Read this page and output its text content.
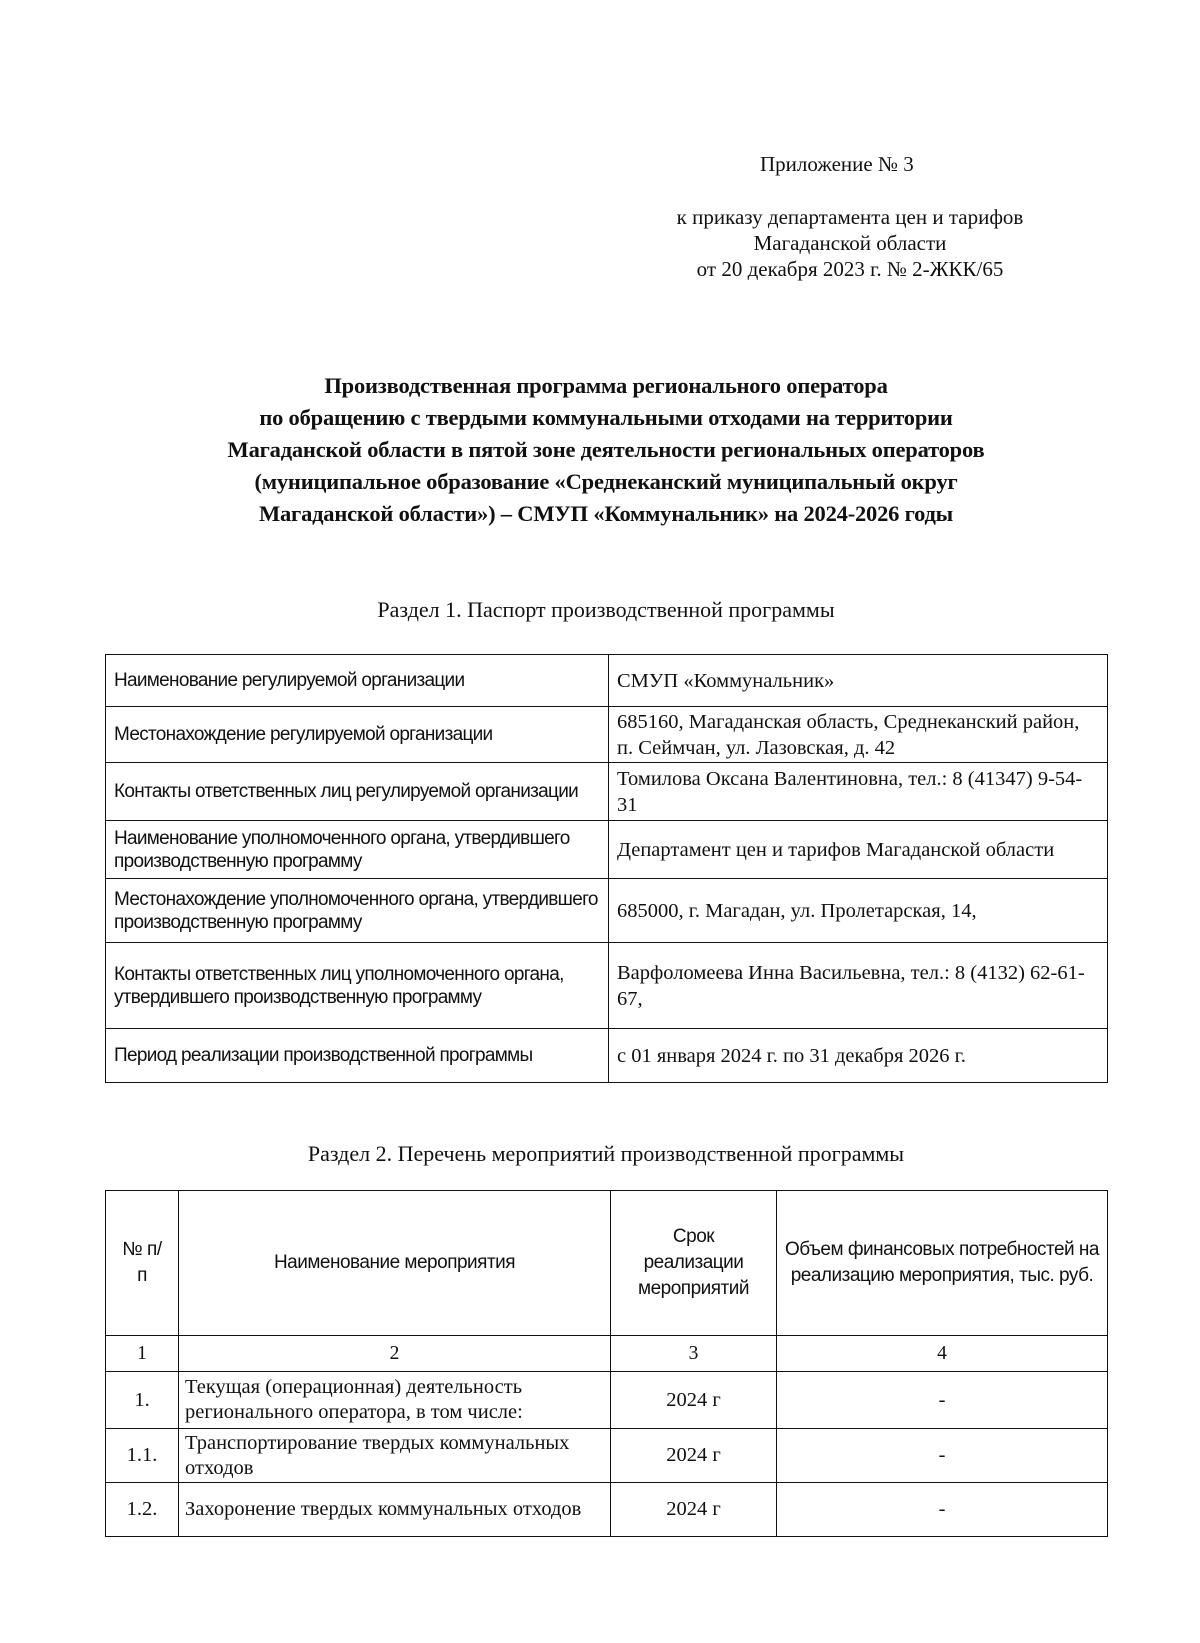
Приложение № 3
к приказу департамента цен и тарифов
Магаданской области
от 20 декабря 2023 г. № 2-ЖКК/65
Производственная программа регионального оператора
по обращению с твердыми коммунальными отходами на территории
Магаданской области в пятой зоне деятельности региональных операторов
(муниципальное образование «Среднеканский муниципальный округ
Магаданской области») – СМУП «Коммунальник» на 2024-2026 годы
Раздел 1. Паспорт производственной программы
Наименование регулируемой организации	СМУП «Коммунальник»
Местонахождение регулируемой организации	685160, Магаданская область, Среднеканский район, п. Сеймчан, ул. Лазовская, д. 42
Контакты ответственных лиц регулируемой организации	Томилова Оксана Валентиновна, тел.: 8 (41347) 9-54-31
Наименование уполномоченного органа, утвердившего производственную программу	Департамент цен и тарифов Магаданской области
Местонахождение уполномоченного органа, утвердившего производственную программу	685000, г. Магадан, ул. Пролетарская, 14,
Контакты ответственных лиц уполномоченного органа, утвердившего производственную программу	Варфоломеева Инна Васильевна, тел.: 8 (4132) 62-61-67,
Период реализации производственной программы	с 01 января 2024 г. по 31 декабря 2026 г.
Раздел 2. Перечень мероприятий производственной программы
№ п/п	Наименование мероприятия	Срок реализации мероприятий	Объем финансовых потребностей на реализацию мероприятия, тыс. руб.
1	2	3	4
1.	Текущая (операционная) деятельность регионального оператора, в том числе:	2024 г	-
1.1.	Транспортирование твердых коммунальных отходов	2024 г	-
1.2.	Захоронение твердых коммунальных отходов	2024 г	-
